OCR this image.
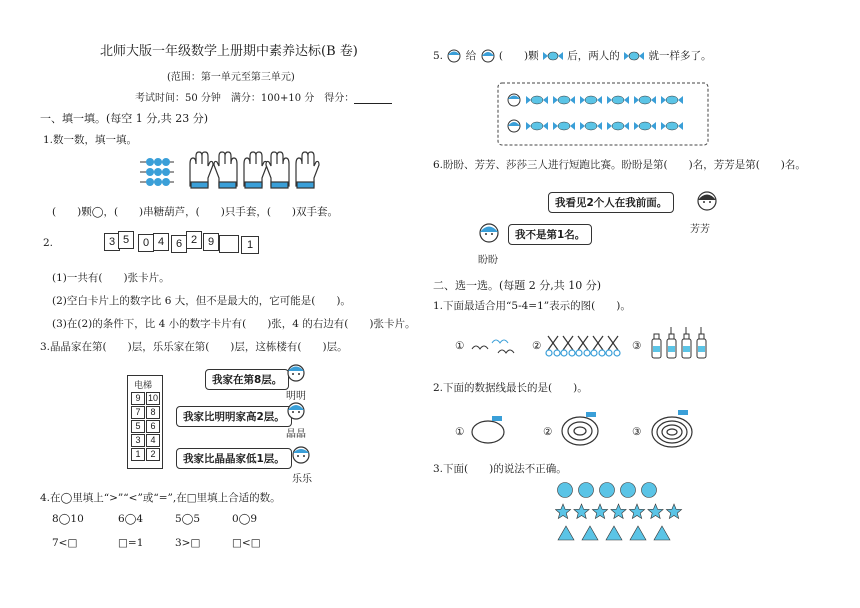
北师大版一年级数学上册期中素养达标(B 卷)
(范围：第一单元至第三单元)
考试时间：50 分钟　满分：100+10 分　得分：
一、填一填。(每空 1 分,共 23 分)
1.数一数，填一填。
(　　)颗◯，(　　)串糖葫芦，(　　)只手套，(　　)双手套。
2.	3 5	0 4	6 2 9	1
(1)一共有(　　)张卡片。
(2)空白卡片上的数字比 6 大，但不是最大的，它可能是(　　)。
(3)在(2)的条件下，比 4 小的数字卡片有(　　)张，4 的右边有(　　)张卡片。
3.晶晶家在第(　　)层，乐乐家在第(　　)层，这栋楼有(　　)层。
电梯
9 10
7	8
5	6
3	4
1	2
我家在第8层。
明明
我家比明明家高2层。
晶晶
我家比晶晶家低1层。
乐乐
4.在◯里填上“>”“<”或“=”,在□里填上合适的数。
8◯10	6◯4	5◯5	0◯9
7<□	□=1	3>□	□<□
5. 给 (　　)颗	后，两人的	就一样多了。
6.盼盼、芳芳、莎莎三人进行短跑比赛。盼盼是第(　　)名，芳芳是第(　　)名。
我看见2个人在我前面。
芳芳
我不是第1名。
盼盼
二、选一选。(每题 2 分,共 10 分)
1.下面最适合用“5-4=1”表示的图(　　)。
①	②	③
2.下面的数据线最长的是(　　)。
①	②	③
3.下面(　　)的说法不正确。
